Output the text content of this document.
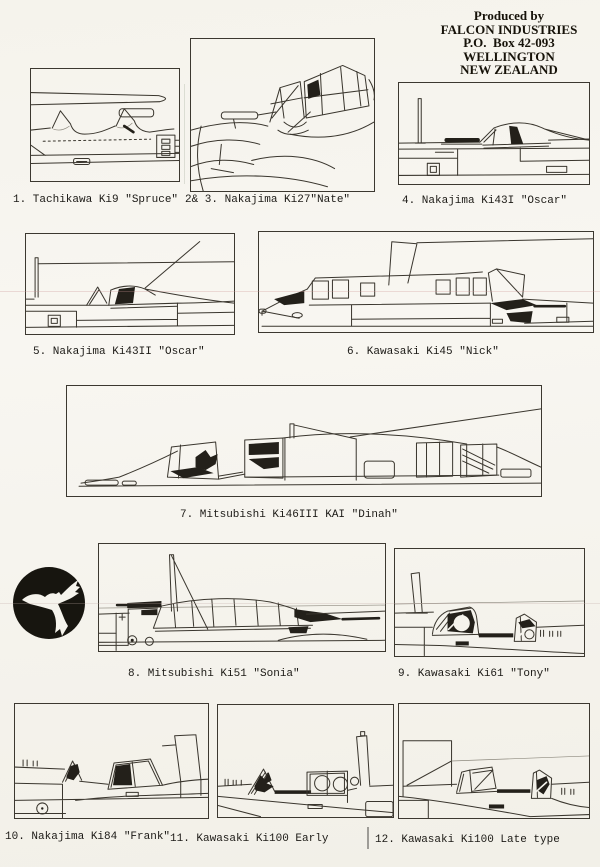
Produced by
FALCON INDUSTRIES
P.O.  Box 42-093
WELLINGTON
NEW ZEALAND
1. Tachikawa Ki9 "Spruce" 2& 3. Nakajima Ki27"Nate"	4. Nakajima Ki43I "Oscar"
5. Nakajima Ki43II "Oscar"	6. Kawasaki Ki45 "Nick"
7. Mitsubishi Ki46III KAI "Dinah"
8. Mitsubishi Ki51 "Sonia"	9. Kawasaki Ki61 "Tony"
10. Nakajima Ki84 "Frank" 11. Kawasaki Ki100 Early	12. Kawasaki Ki100 Late type
